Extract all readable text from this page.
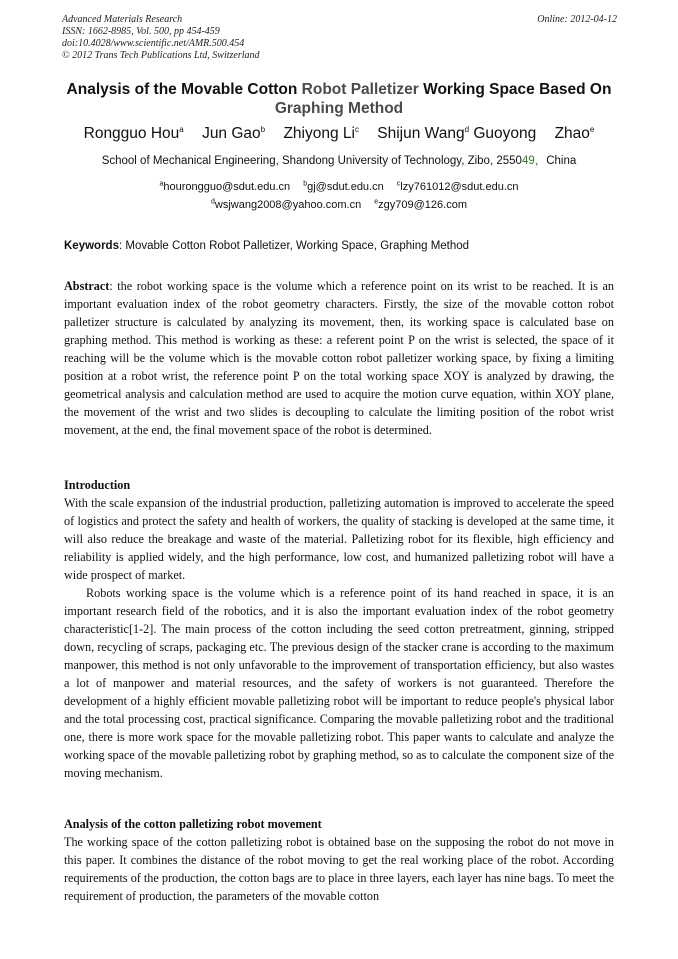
Advanced Materials Research
ISSN: 1662-8985, Vol. 500, pp 454-459
doi:10.4028/www.scientific.net/AMR.500.454
© 2012 Trans Tech Publications Ltd, Switzerland
Online: 2012-04-12
Analysis of the Movable Cotton Robot Palletizer Working Space Based On Graphing Method
Rongguo Hou$^a$ Jun Gao$^b$ Zhiyong Li$^c$ Shijun Wang$^d$ Guoyong Zhao$^e$
School of Mechanical Engineering, Shandong University of Technology, Zibo, 255049，China
$^a$hourongguo@sdut.edu.cn $^b$gj@sdut.edu.cn $^c$lzy761012@sdut.edu.cn
$^d$wsjwang2008@yahoo.com.cn $^e$zgy709@126.com
Keywords: Movable Cotton Robot Palletizer, Working Space, Graphing Method

Abstract: the robot working space is the volume which a reference point on its wrist to be reached. It is an important evaluation index of the robot geometry characters. Firstly, the size of the movable cotton robot palletizer structure is calculated by analyzing its movement, then, its working space is calculated base on graphing method. This method is working as these: a referent point P on the wrist is selected, the space of it reaching will be the volume which is the movable cotton robot palletizer working space, by fixing a limiting position at a robot wrist, the reference point P on the total working space XOY is analyzed by drawing, the geometrical analysis and calculation method are used to acquire the motion curve equation, within XOY plane, the movement of the wrist and two slides is decoupling to calculate the limiting position of the robot wrist movement, at the end, the final movement space of the robot is determined.

Introduction

With the scale expansion of the industrial production, palletizing automation is improved to accelerate the speed of logistics and protect the safety and health of workers, the quality of stacking is developed at the same time, it will also reduce the breakage and waste of the material. Palletizing robot for its flexible, high efficiency and reliability is applied widely, and the high performance, low cost, and humanized palletizing robot will have a wide prospect of market.

Robots working space is the volume which is a reference point of its hand reached in space, it is an important research field of the robotics, and it is also the important evaluation index of the robot geometry characteristic[1-2]. The main process of the cotton including the seed cotton pretreatment, ginning, stripped down, recycling of scraps, packaging etc. The previous design of the stacker crane is according to the maximum manpower, this method is not only unfavorable to the improvement of transportation efficiency, but also wastes a lot of manpower and material resources, and the safety of workers is not guaranteed. Therefore the development of a highly efficient movable palletizing robot will be important to reduce people's physical labor and the total processing cost, practical significance. Comparing the movable palletizing robot and the traditional one, there is more work space for the movable palletizing robot. This paper wants to calculate and analyze the working space of the movable palletizing robot by graphing method, so as to calculate the component size of the moving mechanism.

Analysis of the cotton palletizing robot movement

The working space of the cotton palletizing robot is obtained base on the supposing the robot do not move in this paper. It combines the distance of the robot moving to get the real working place of the robot. According requirements of the production, the cotton bags are to place in three layers, each layer has nine bags. To meet the requirement of production, the parameters of the movable cotton
